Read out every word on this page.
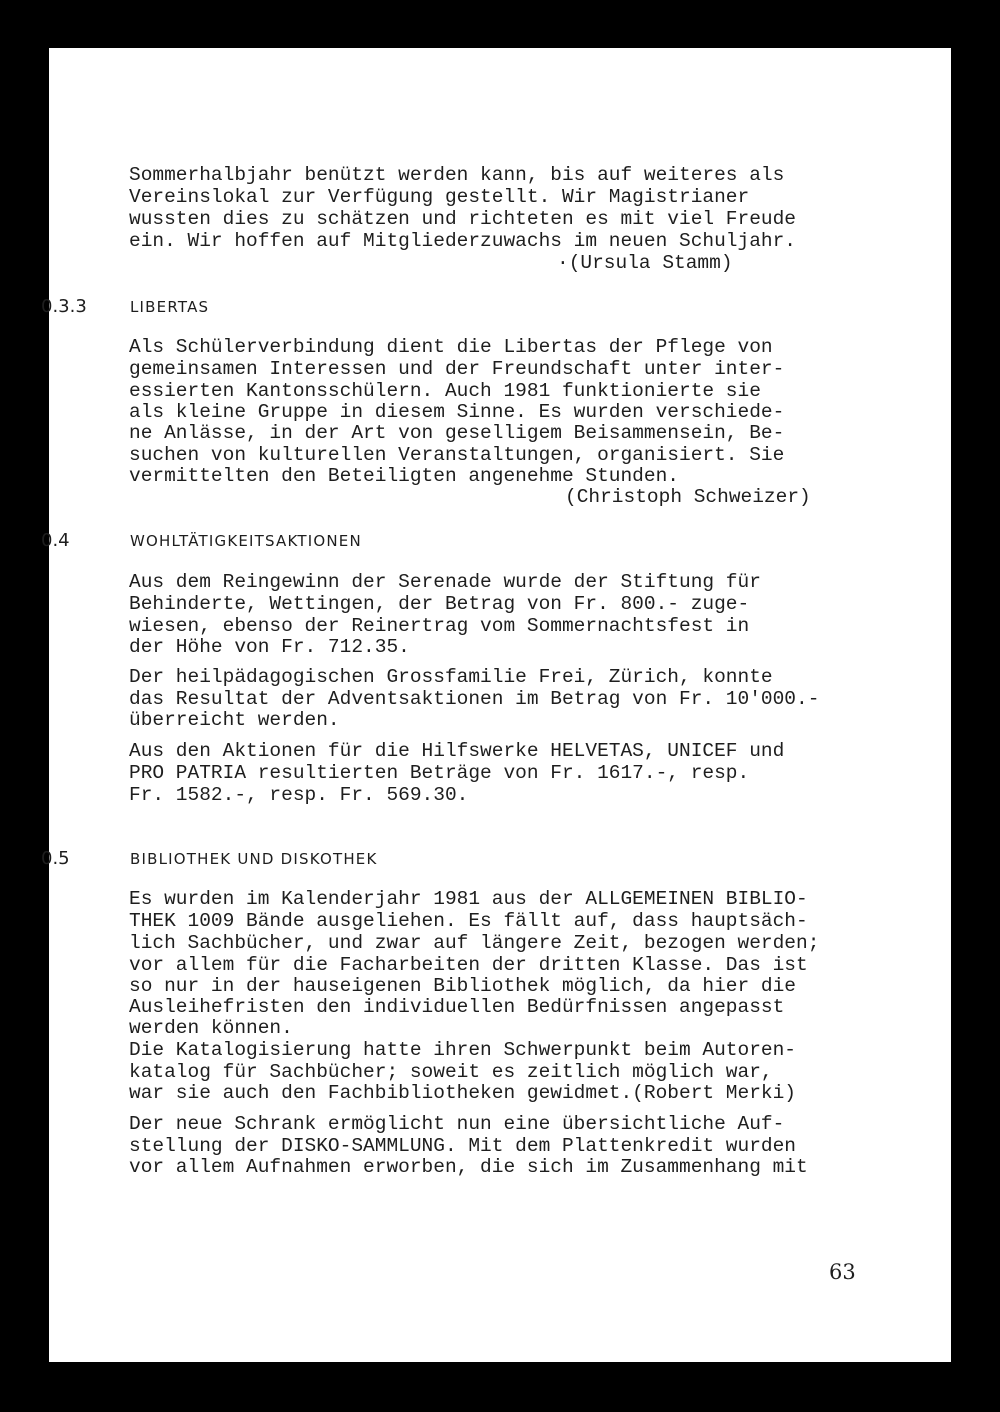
Sommerhalbjahr benützt werden kann, bis auf weiteres als
Vereinslokal zur Verfügung gestellt. Wir Magistrianer
wussten dies zu schätzen und richteten es mit viel Freude
ein. Wir hoffen auf Mitgliederzuwachs im neuen Schuljahr.
·(Ursula Stamm)
0.3.3	LIBERTAS
Als Schülerverbindung dient die Libertas der Pflege von
gemeinsamen Interessen und der Freundschaft unter inter-
essierten Kantonsschülern. Auch 1981 funktionierte sie
als kleine Gruppe in diesem Sinne. Es wurden verschiede-
ne Anlässe, in der Art von geselligem Beisammensein, Be-
suchen von kulturellen Veranstaltungen, organisiert. Sie
vermittelten den Beteiligten angenehme Stunden.
(Christoph Schweizer)
0.4	WOHLTÄTIGKEITSAKTIONEN
Aus dem Reingewinn der Serenade wurde der Stiftung für
Behinderte, Wettingen, der Betrag von Fr. 800.- zuge-
wiesen, ebenso der Reinertrag vom Sommernachtsfest in
der Höhe von Fr. 712.35.
Der heilpädagogischen Grossfamilie Frei, Zürich, konnte
das Resultat der Adventsaktionen im Betrag von Fr. 10'000.-
überreicht werden.
Aus den Aktionen für die Hilfswerke HELVETAS, UNICEF und
PRO PATRIA resultierten Beträge von Fr. 1617.-, resp.
Fr. 1582.-, resp. Fr. 569.30.
0.5	BIBLIOTHEK UND DISKOTHEK
Es wurden im Kalenderjahr 1981 aus der ALLGEMEINEN BIBLIO-
THEK 1009 Bände ausgeliehen. Es fällt auf, dass hauptsäch-
lich Sachbücher, und zwar auf längere Zeit, bezogen werden;
vor allem für die Facharbeiten der dritten Klasse. Das ist
so nur in der hauseigenen Bibliothek möglich, da hier die
Ausleihefristen den individuellen Bedürfnissen angepasst
werden können.
Die Katalogisierung hatte ihren Schwerpunkt beim Autoren-
katalog für Sachbücher; soweit es zeitlich möglich war,
war sie auch den Fachbibliotheken gewidmet.(Robert Merki)
Der neue Schrank ermöglicht nun eine übersichtliche Auf-
stellung der DISKO-SAMMLUNG. Mit dem Plattenkredit wurden
vor allem Aufnahmen erworben, die sich im Zusammenhang mit
63
